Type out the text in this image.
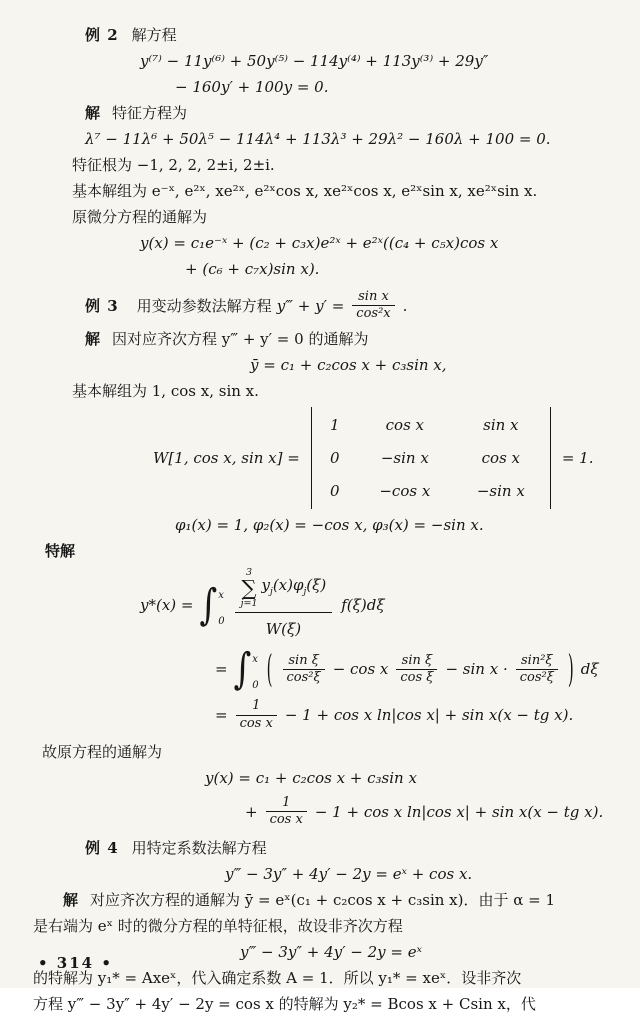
例 2 解方程

y⁽⁷⁾ − 11y⁽⁶⁾ + 50y⁽⁵⁾ − 114y⁽⁴⁾ + 113y⁽³⁾ + 29y″

− 160y′ + 100y = 0.

解 特征方程为

λ⁷ − 11λ⁶ + 50λ⁵ − 114λ⁴ + 113λ³ + 29λ² − 160λ + 100 = 0.

特征根为 −1, 2, 2, 2±i, 2±i.

基本解组为 e⁻ˣ, e²ˣ, xe²ˣ, e²ˣcos x, xe²ˣcos x, e²ˣsin x, xe²ˣsin x.

原微分方程的通解为

y(x) = c₁e⁻ˣ + (c₂ + c₃x)e²ˣ + e²ˣ((c₄ + c₅x)cos x

+ (c₆ + c₇x)sin x).

例 3 用变动参数法解方程 y‴ + $y' = \frac{\text{sin x}}{\text{cos²x}}$ .

解 因对应齐次方程 y‴ + y′ = 0 的通解为

ȳ = c₁ + c₂cos x + c₃sin x,

基本解组为 1, cos x, sin x.

W[1, cos x, sin x] =
1	cos x	sin x
0	−sin x	cos x
0	−cos x	−sin x
= 1.

φ₁(x) = 1, φ₂(x) = −cos x, φ₃(x) = −sin x.

特解

y*(x) = ∫ x
0
3
∑
j=1
$y_j(x)\varphi_j(\xi)$
W(ξ)
f(ξ)dξ
= ∫ x
0 ( $\frac{\text{sin ξ}}{\text{cos²ξ}} - \cos x \frac{\text{sin ξ}}{\text{cos ξ}} - \sin x \cdot \frac{\text{sin²ξ}}{\text{cos²ξ}}$ ) dξ
= $\frac{1}{\text{cos x}} - 1 + \cos x$ ln|cos x| + sin x(x − tg x).

故原方程的通解为

y(x) = c₁ + c₂cos x + c₃sin x

+ $\frac{1}{\text{cos x}} - 1 + \cos x$ ln|cos x| + sin x(x − tg x).

例 4 用特定系数法解方程

y‴ − 3y″ + 4y′ − 2y = eˣ + cos x.

解 对应齐次方程的通解为 ȳ = eˣ(c₁ + c₂cos x + c₃sin x)．由于 α = 1

是右端为 eˣ 时的微分方程的单特征根，故设非齐次方程

y‴ − 3y″ + 4y′ − 2y = eˣ

的特解为 y₁* = Axeˣ，代入确定系数 A = 1．所以 y₁* = xeˣ．设非齐次

方程 y‴ − 3y″ + 4y′ − 2y = cos x 的特解为 y₂* = Bcos x + Csin x，代

• 314 •
